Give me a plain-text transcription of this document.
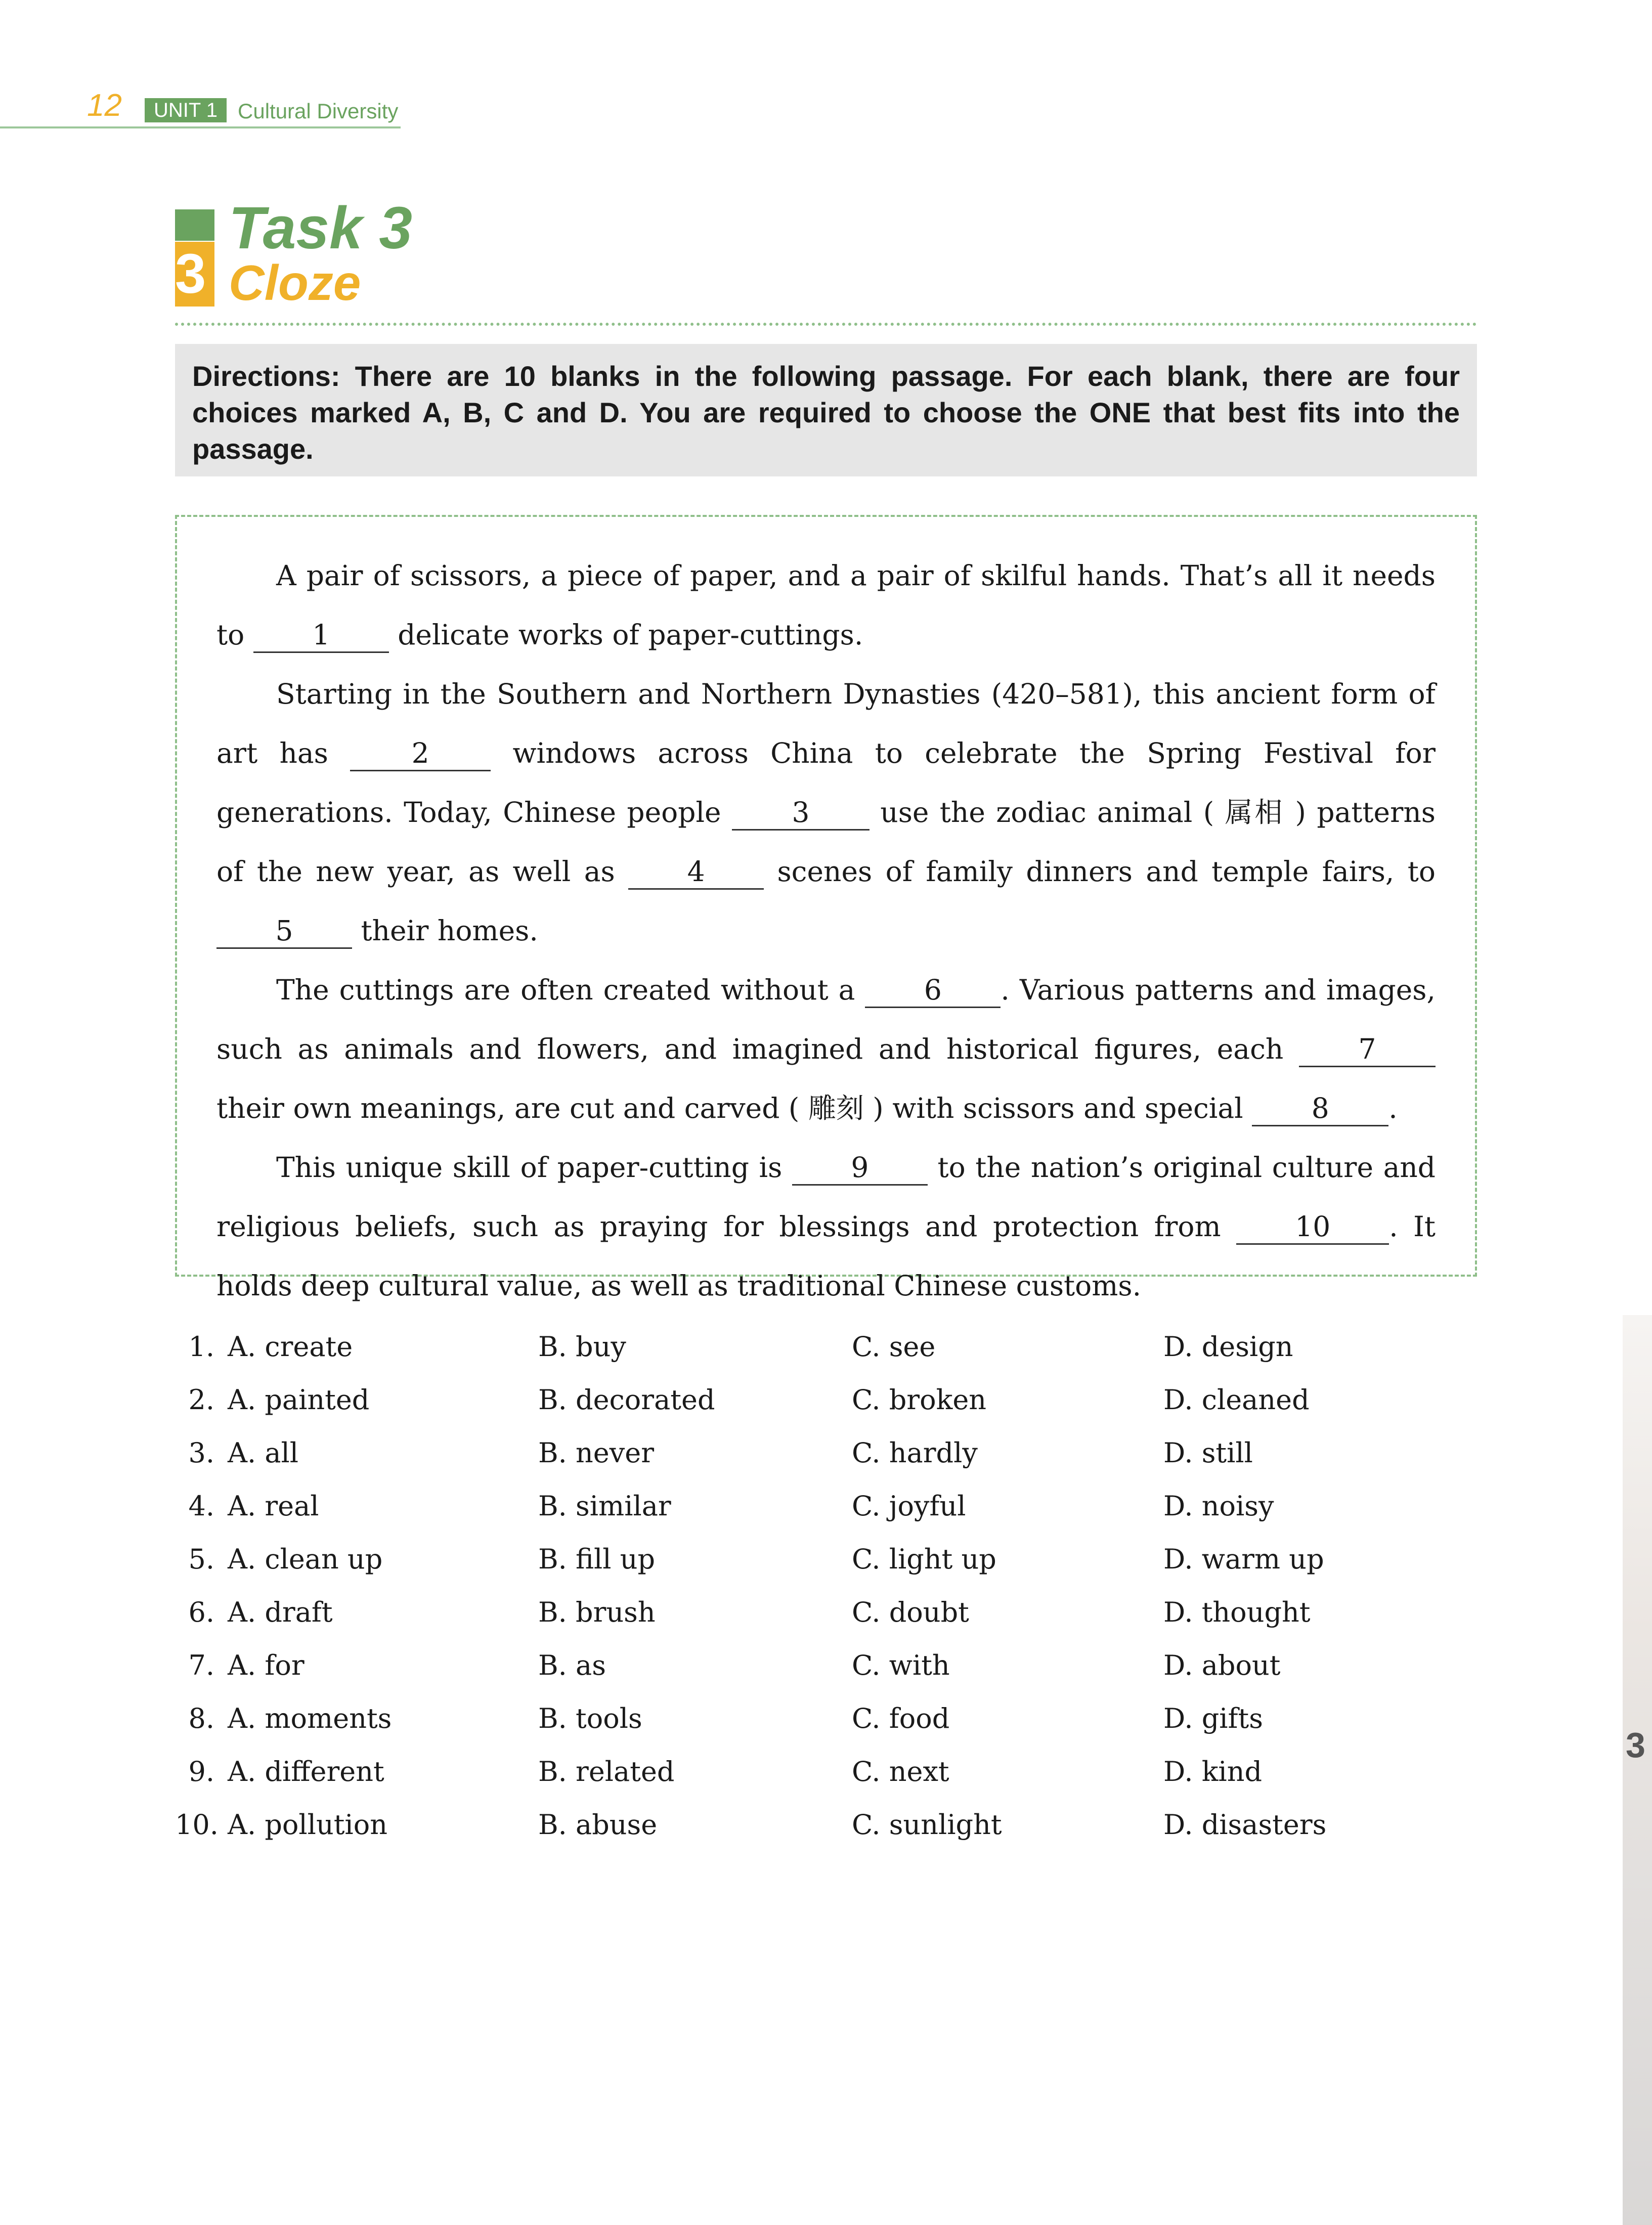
12	UNIT 1 Cultural Diversity
3
Task 3
Cloze
Directions: There are 10 blanks in the following passage. For each blank, there are four choices marked A, B, C and D. You are required to choose the ONE that best fits into the passage.

A pair of scissors, a piece of paper, and a pair of skilful hands. That’s all it needs to 1 delicate works of paper-cuttings.

Starting in the Southern and Northern Dynasties (420–581), this ancient form of art has	2	windows across China to celebrate the Spring Festival for generations. Today, Chinese people	3	use the zodiac animal ( 属相 ) patterns of the new year, as well as	4	scenes of family dinners and temple fairs, to 5 their homes.

The cuttings are often created without a 6 . Various patterns and images, such as animals and flowers, and imagined and historical figures, each	7 their own meanings, are cut and carved ( 雕刻 ) with scissors and special 8 .

This unique skill of paper-cutting is 9 to the nation’s original culture and religious beliefs, such as praying for blessings and protection from	10 . It holds deep cultural value, as well as traditional Chinese customs.

1. A. create	B. buy	C. see	D. design
2. A. painted	B. decorated	C. broken	D. cleaned
3. A. all	B. never	C. hardly	D. still
4. A. real	B. similar	C. joyful	D. noisy
5. A. clean up	B. fill up	C. light up	D. warm up
6. A. draft	B. brush	C. doubt	D. thought
7. A. for	B. as	C. with	D. about
8. A. moments	B. tools	C. food	D. gifts
9. A. different	B. related	C. next	D. kind
10. A. pollution	B. abuse	C. sunlight	D. disasters
3
